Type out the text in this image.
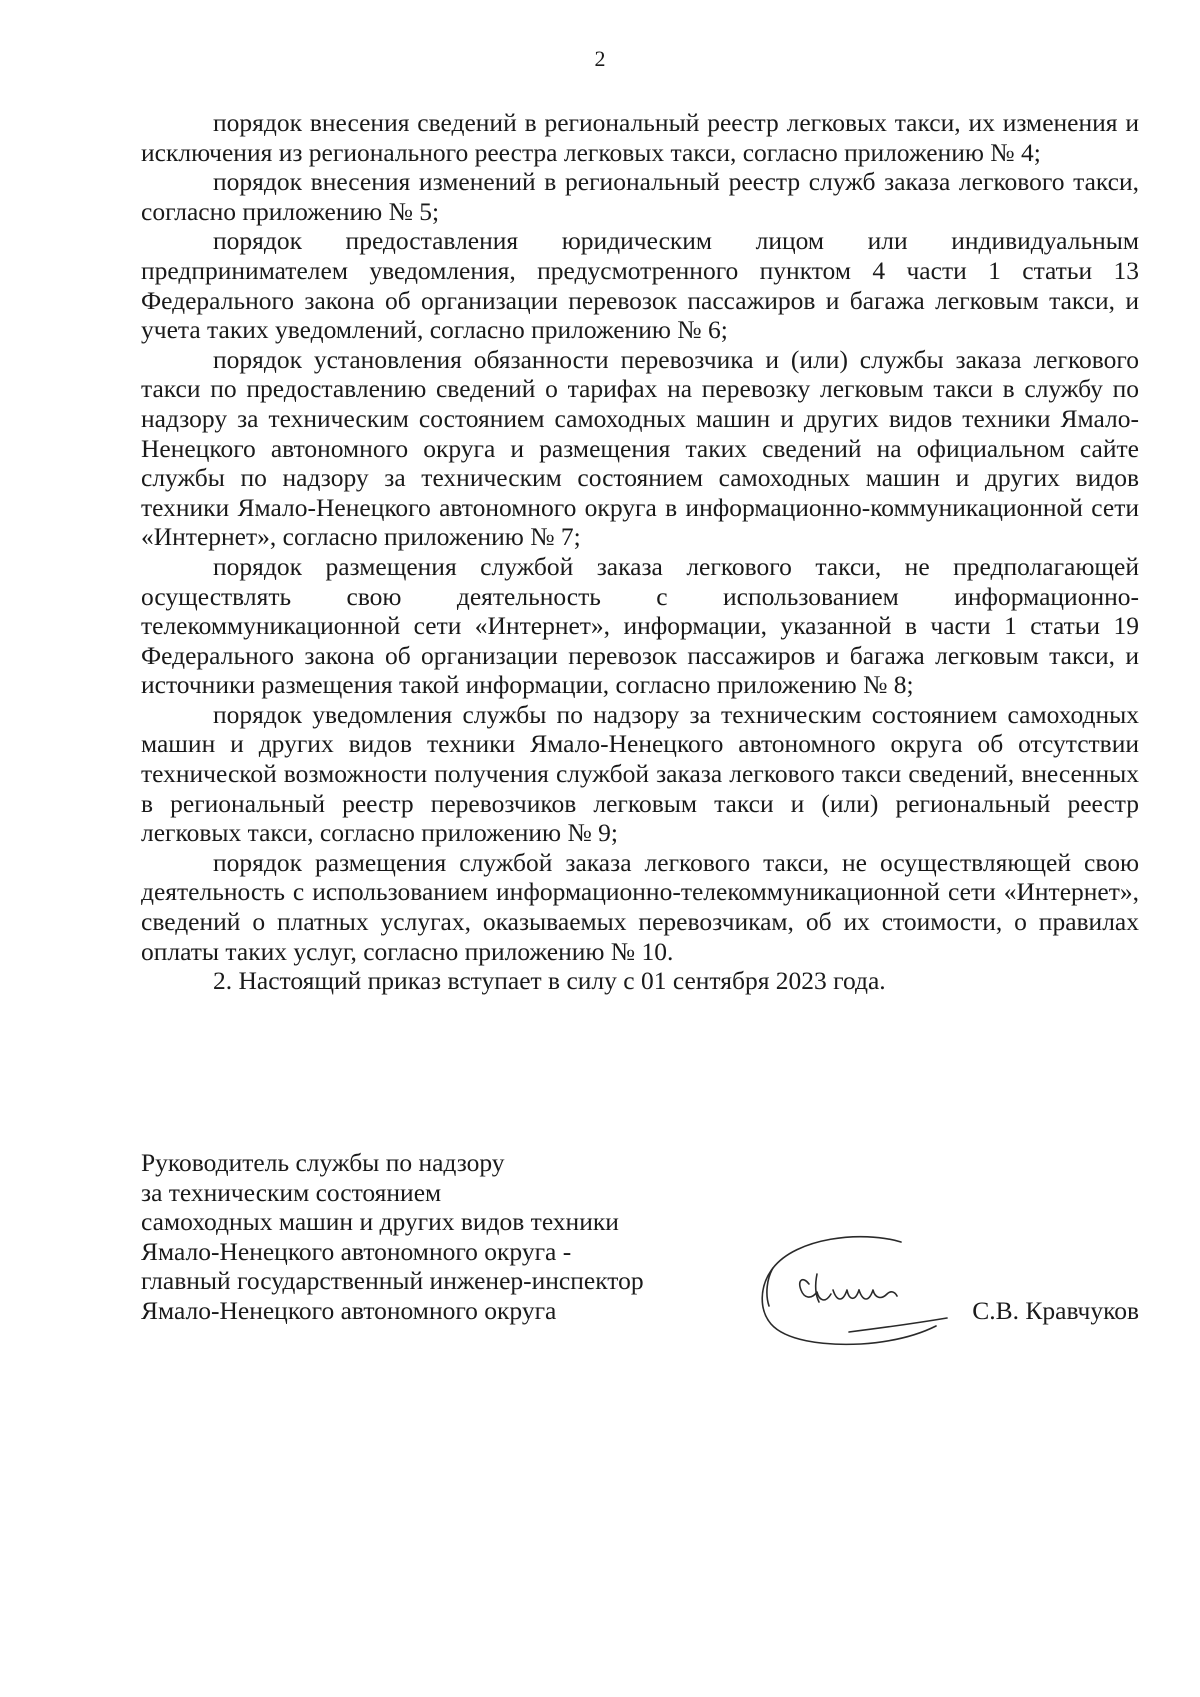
2

порядок внесения сведений в региональный реестр легковых такси, их изменения и исключения из регионального реестра легковых такси, согласно приложению № 4;

порядок внесения изменений в региональный реестр служб заказа легкового такси, согласно приложению № 5;

порядок предоставления юридическим лицом или индивидуальным предпринимателем уведомления, предусмотренного пунктом 4 части 1 статьи 13 Федерального закона об организации перевозок пассажиров и багажа легковым такси, и учета таких уведомлений, согласно приложению № 6;

порядок установления обязанности перевозчика и (или) службы заказа легкового такси по предоставлению сведений о тарифах на перевозку легковым такси в службу по надзору за техническим состоянием самоходных машин и других видов техники Ямало-Ненецкого автономного округа и размещения таких сведений на официальном сайте службы по надзору за техническим состоянием самоходных машин и других видов техники Ямало-Ненецкого автономного округа в информационно-коммуникационной сети «Интернет», согласно приложению № 7;

порядок размещения службой заказа легкового такси, не предполагающей осуществлять свою деятельность с использованием информационно-телекоммуникационной сети «Интернет», информации, указанной в части 1 статьи 19 Федерального закона об организации перевозок пассажиров и багажа легковым такси, и источники размещения такой информации, согласно приложению № 8;

порядок уведомления службы по надзору за техническим состоянием самоходных машин и других видов техники Ямало-Ненецкого автономного округа об отсутствии технической возможности получения службой заказа легкового такси сведений, внесенных в региональный реестр перевозчиков легковым такси и (или) региональный реестр легковых такси, согласно приложению № 9;

порядок размещения службой заказа легкового такси, не осуществляющей свою деятельность с использованием информационно-телекоммуникационной сети «Интернет», сведений о платных услугах, оказываемых перевозчикам, об их стоимости, о правилах оплаты таких услуг, согласно приложению № 10.

2. Настоящий приказ вступает в силу с 01 сентября 2023 года.

Руководитель службы по надзору
за техническим состоянием
самоходных машин и других видов техники
Ямало-Ненецкого автономного округа -
главный государственный инженер-инспектор
Ямало-Ненецкого автономного округа	С.В. Кравчуков
